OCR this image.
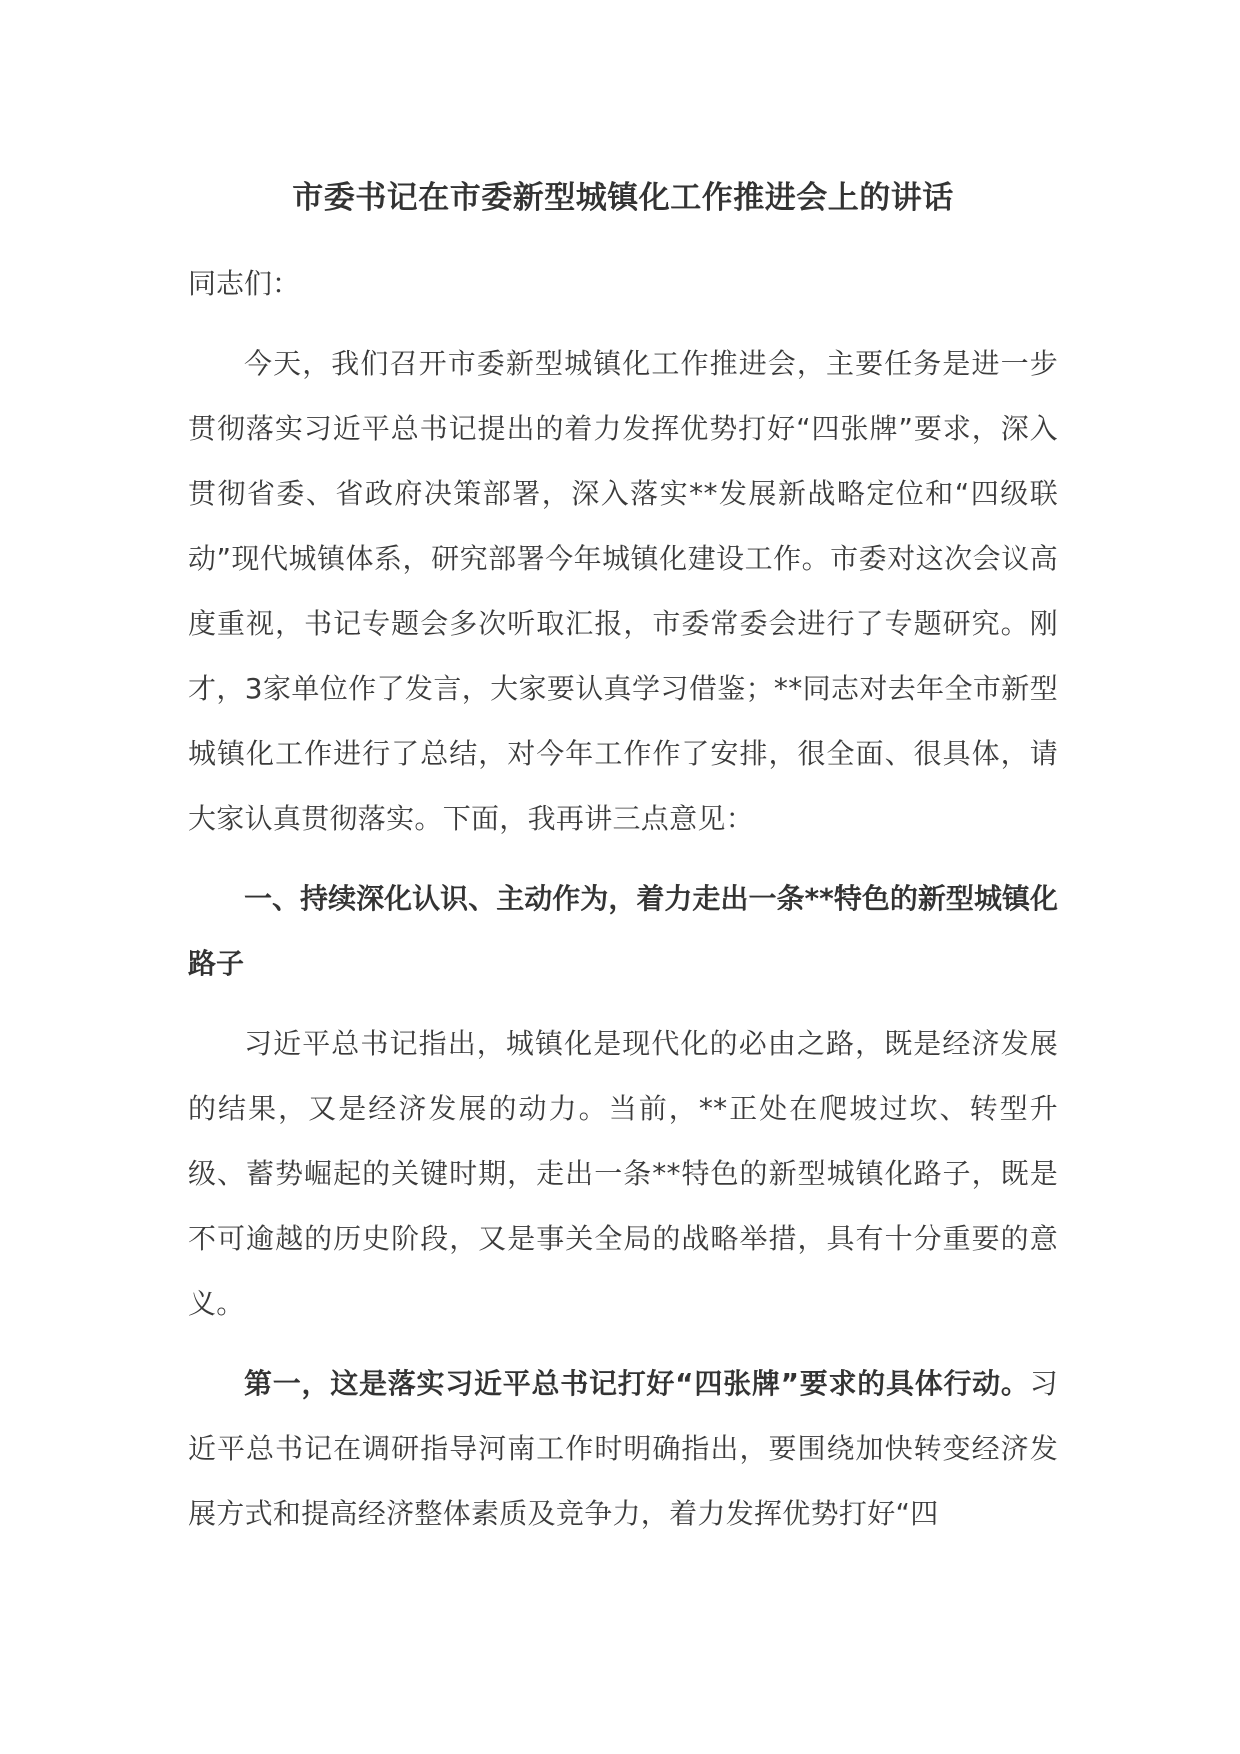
市委书记在市委新型城镇化工作推进会上的讲话
同志们：
今天，我们召开市委新型城镇化工作推进会，主要任务是进一步贯彻落实习近平总书记提出的着力发挥优势打好“四张牌”要求，深入贯彻省委、省政府决策部署，深入落实**发展新战略定位和“四级联动”现代城镇体系，研究部署今年城镇化建设工作。市委对这次会议高度重视，书记专题会多次听取汇报，市委常委会进行了专题研究。刚才，3家单位作了发言，大家要认真学习借鉴；**同志对去年全市新型城镇化工作进行了总结，对今年工作作了安排，很全面、很具体，请大家认真贯彻落实。下面，我再讲三点意见：
一、持续深化认识、主动作为，着力走出一条**特色的新型城镇化路子
习近平总书记指出，城镇化是现代化的必由之路，既是经济发展的结果，又是经济发展的动力。当前，**正处在爬坡过坎、转型升级、蓄势崛起的关键时期，走出一条**特色的新型城镇化路子，既是不可逾越的历史阶段，又是事关全局的战略举措，具有十分重要的意义。
第一，这是落实习近平总书记打好“四张牌”要求的具体行动。习近平总书记在调研指导河南工作时明确指出，要围绕加快转变经济发展方式和提高经济整体素质及竞争力，着力发挥优势打好“四
